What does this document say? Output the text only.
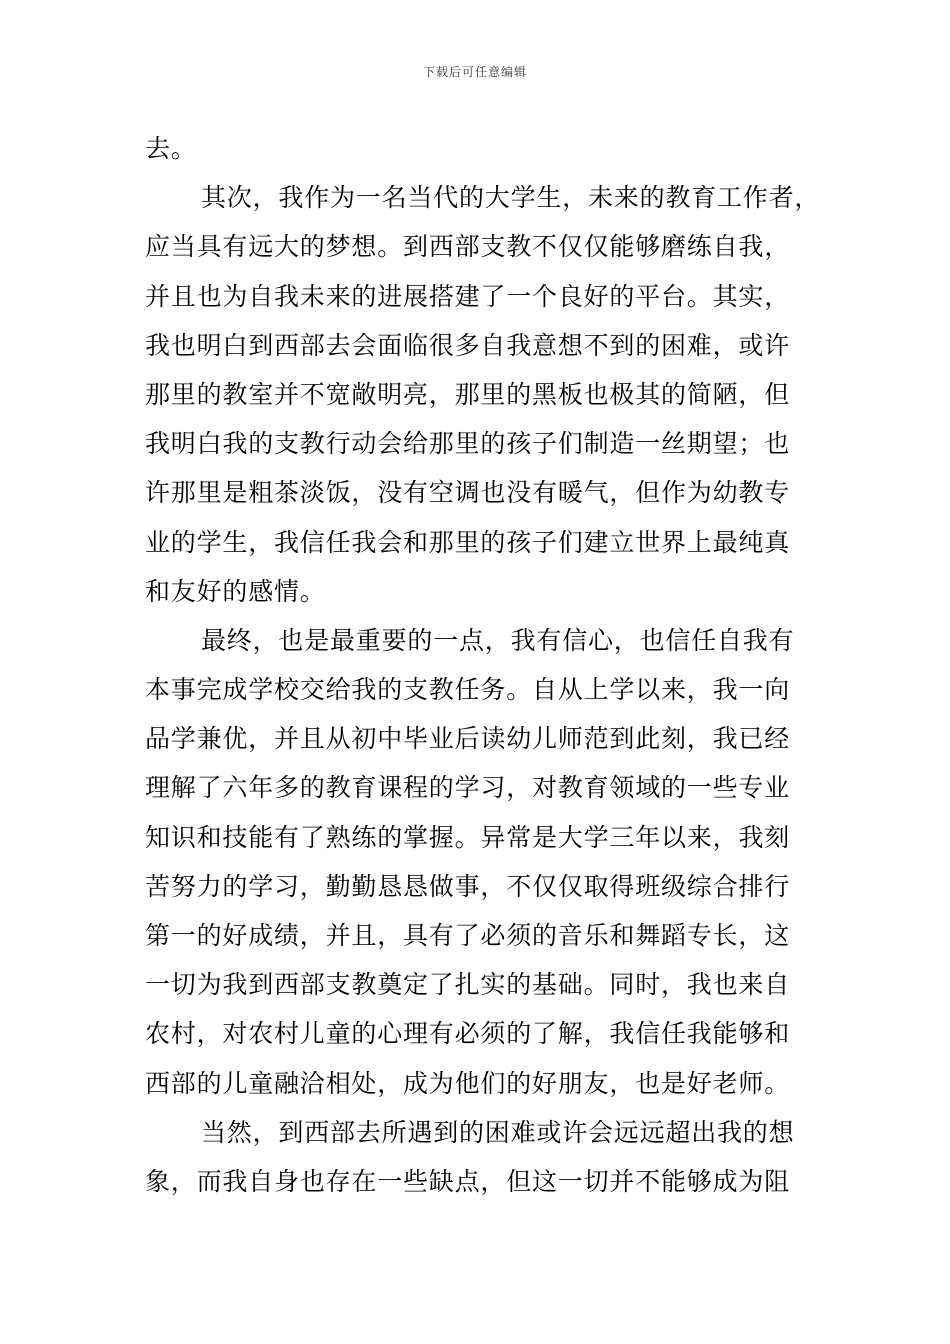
下载后可任意编辑
去。
其次，我作为一名当代的大学生，未来的教育工作者，
应当具有远大的梦想。到西部支教不仅仅能够磨练自我，
并且也为自我未来的进展搭建了一个良好的平台。其实，
我也明白到西部去会面临很多自我意想不到的困难，或许
那里的教室并不宽敞明亮，那里的黑板也极其的简陋，但
我明白我的支教行动会给那里的孩子们制造一丝期望；也
许那里是粗茶淡饭，没有空调也没有暖气，但作为幼教专
业的学生，我信任我会和那里的孩子们建立世界上最纯真
和友好的感情。
最终，也是最重要的一点，我有信心，也信任自我有
本事完成学校交给我的支教任务。自从上学以来，我一向
品学兼优，并且从初中毕业后读幼儿师范到此刻，我已经
理解了六年多的教育课程的学习，对教育领域的一些专业
知识和技能有了熟练的掌握。异常是大学三年以来，我刻
苦努力的学习，勤勤恳恳做事，不仅仅取得班级综合排行
第一的好成绩，并且，具有了必须的音乐和舞蹈专长，这
一切为我到西部支教奠定了扎实的基础。同时，我也来自
农村，对农村儿童的心理有必须的了解，我信任我能够和
西部的儿童融洽相处，成为他们的好朋友，也是好老师。
当然，到西部去所遇到的困难或许会远远超出我的想
象，而我自身也存在一些缺点，但这一切并不能够成为阻
